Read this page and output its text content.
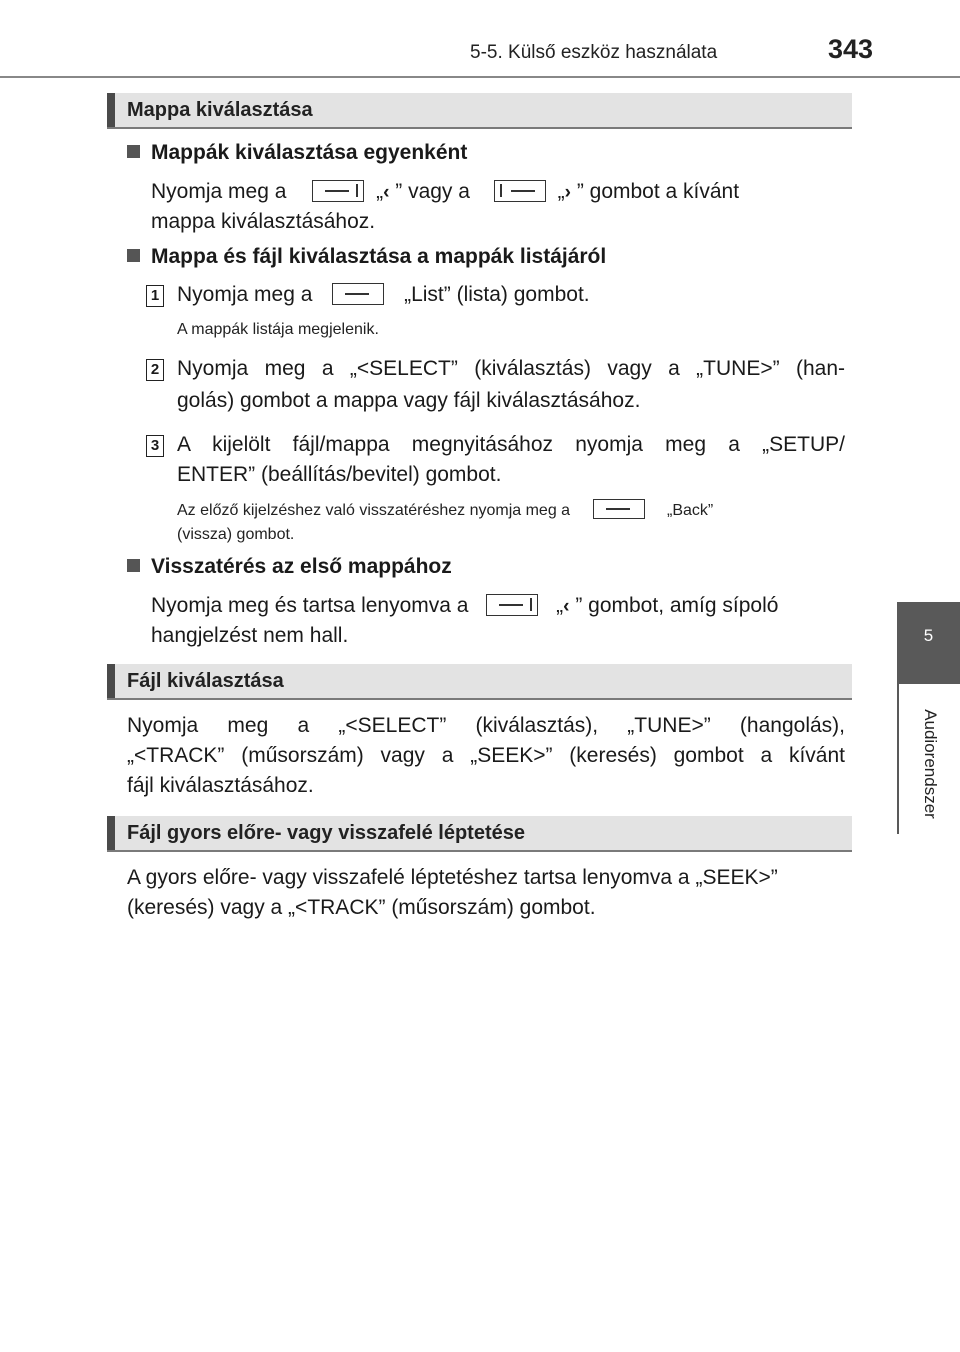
5-5. Külső eszköz használata	343
5
Audiorendszer
Mappa kiválasztása
Mappák kiválasztása egyenként
Nyomja meg a	„‹ ” vagy a	„› ” gombot a kívánt
mappa kiválasztásához.
Mappa és fájl kiválasztása a mappák listájáról
1 Nyomja meg a	„List” (lista) gombot.
A mappák listája megjelenik.
2 Nyomja meg a „<SELECT” (kiválasztás) vagy a „TUNE>” (han-
golás) gombot a mappa vagy fájl kiválasztásához.
3 A kijelölt fájl/mappa megnyitásához nyomja meg a „SETUP/
ENTER” (beállítás/bevitel) gombot.
Az előző kijelzéshez való visszatéréshez nyomja meg a	„Back”
(vissza) gombot.
Visszatérés az első mappához
Nyomja meg és tartsa lenyomva a	„‹ ” gombot, amíg sípoló
hangjelzést nem hall.
Fájl kiválasztása
Nyomja meg a „<SELECT” (kiválasztás), „TUNE>” (hangolás),
„<TRACK” (műsorszám) vagy a „SEEK>” (keresés) gombot a kívánt
fájl kiválasztásához.
Fájl gyors előre- vagy visszafelé léptetése
A gyors előre- vagy visszafelé léptetéshez tartsa lenyomva a „SEEK>”
(keresés) vagy a „<TRACK” (műsorszám) gombot.
